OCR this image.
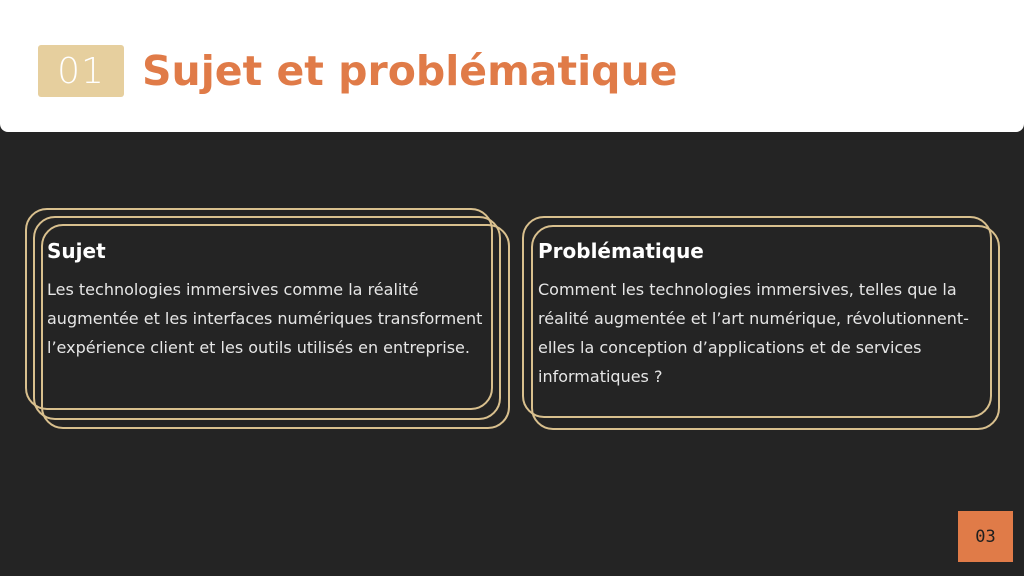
01 Sujet et problématique
Sujet
Les technologies immersives comme la réalité augmentée et les interfaces numériques transforment l’expérience client et les outils utilisés en entreprise.
Problématique
Comment les technologies immersives, telles que la réalité augmentée et l’art numérique, révolutionnent-elles la conception d’applications et de services informatiques ?
03
